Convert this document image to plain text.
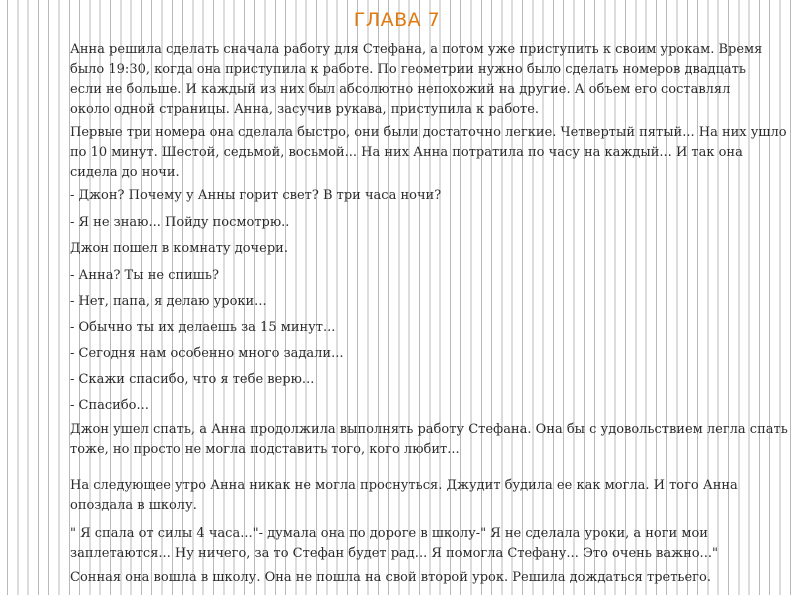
ГЛАВА 7
Анна решила сделать сначала работу для Стефана, а потом уже приступить к своим урокам. Время
было 19:30, когда она приступила к работе. По геометрии нужно было сделать номеров двадцать
если не больше. И каждый из них был абсолютно непохожий на другие. А объем его составлял
около одной страницы. Анна, засучив рукава, приступила к работе.
Первые три номера она сделала быстро, они были достаточно легкие. Четвертый пятый... На них ушло
по 10 минут. Шестой, седьмой, восьмой... На них Анна потратила по часу на каждый... И так она
сидела до ночи.
- Джон? Почему у Анны горит свет? В три часа ночи?
- Я не знаю... Пойду посмотрю..
Джон пошел в комнату дочери.
- Анна? Ты не спишь?
- Нет, папа, я делаю уроки...
- Обычно ты их делаешь за 15 минут...
- Сегодня нам особенно много задали...
- Скажи спасибо, что я тебе верю...
- Спасибо...
Джон ушел спать, а Анна продолжила выполнять работу Стефана. Она бы с удовольствием легла спать
тоже, но просто не могла подставить того, кого любит...
На следующее утро Анна никак не могла проснуться. Джудит будила ее как могла. И того Анна
опоздала в школу.
" Я спала от силы 4 часа..."- думала она по дороге в школу-" Я не сделала уроки, а ноги мои
заплетаются... Ну ничего, за то Стефан будет рад... Я помогла Стефану... Это очень важно..."
Сонная она вошла в школу. Она не пошла на свой второй урок. Решила дождаться третьего.
